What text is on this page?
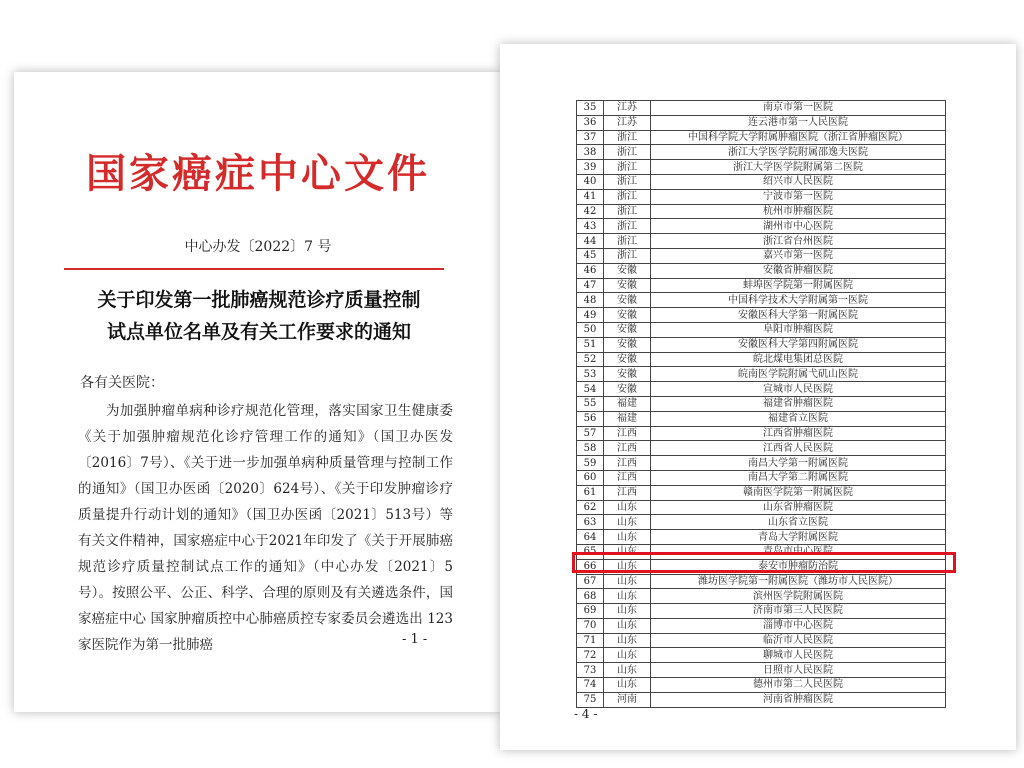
国家癌症中心文件
中心办发〔2022〕7 号
关于印发第一批肺癌规范诊疗质量控制
试点单位名单及有关工作要求的通知
各有关医院：

为加强肿瘤单病种诊疗规范化管理，落实国家卫生健康委《关于加强肿瘤规范化诊疗管理工作的通知》（国卫办医发〔2016〕7号）、《关于进一步加强单病种质量管理与控制工作的通知》（国卫办医函〔2020〕624号）、《关于印发肿瘤诊疗质量提升行动计划的通知》（国卫办医函〔2021〕513号）等有关文件精神，国家癌症中心于2021年印发了《关于开展肺癌规范诊疗质量控制试点工作的通知》（中心办发〔2021〕5号）。按照公平、公正、科学、合理的原则及有关遴选条件，国家癌症中心 国家肿瘤质控中心肺癌质控专家委员会遴选出 123 家医院作为第一批肺癌	- 1 -
35	江苏	南京市第一医院
36	江苏	连云港市第一人民医院
37	浙江	中国科学院大学附属肿瘤医院（浙江省肿瘤医院）
38	浙江	浙江大学医学院附属邵逸夫医院
39	浙江	浙江大学医学院附属第二医院
40	浙江	绍兴市人民医院
41	浙江	宁波市第一医院
42	浙江	杭州市肿瘤医院
43	浙江	湖州市中心医院
44	浙江	浙江省台州医院
45	浙江	嘉兴市第一医院
46	安徽	安徽省肿瘤医院
47	安徽	蚌埠医学院第一附属医院
48	安徽	中国科学技术大学附属第一医院
49	安徽	安徽医科大学第一附属医院
50	安徽	阜阳市肿瘤医院
51	安徽	安徽医科大学第四附属医院
52	安徽	皖北煤电集团总医院
53	安徽	皖南医学院附属弋矶山医院
54	安徽	宣城市人民医院
55	福建	福建省肿瘤医院
56	福建	福建省立医院
57	江西	江西省肿瘤医院
58	江西	江西省人民医院
59	江西	南昌大学第一附属医院
60	江西	南昌大学第二附属医院
61	江西	赣南医学院第一附属医院
62	山东	山东省肿瘤医院
63	山东	山东省立医院
64	山东	青岛大学附属医院
65	山东	青岛市中心医院
66	山东	泰安市肿瘤防治院
67	山东	潍坊医学院第一附属医院（潍坊市人民医院）
68	山东	滨州医学院附属医院
69	山东	济南市第三人民医院
70	山东	淄博市中心医院
71	山东	临沂市人民医院
72	山东	聊城市人民医院
73	山东	日照市人民医院
74	山东	德州市第二人民医院
75	河南	河南省肿瘤医院
- 4 -
